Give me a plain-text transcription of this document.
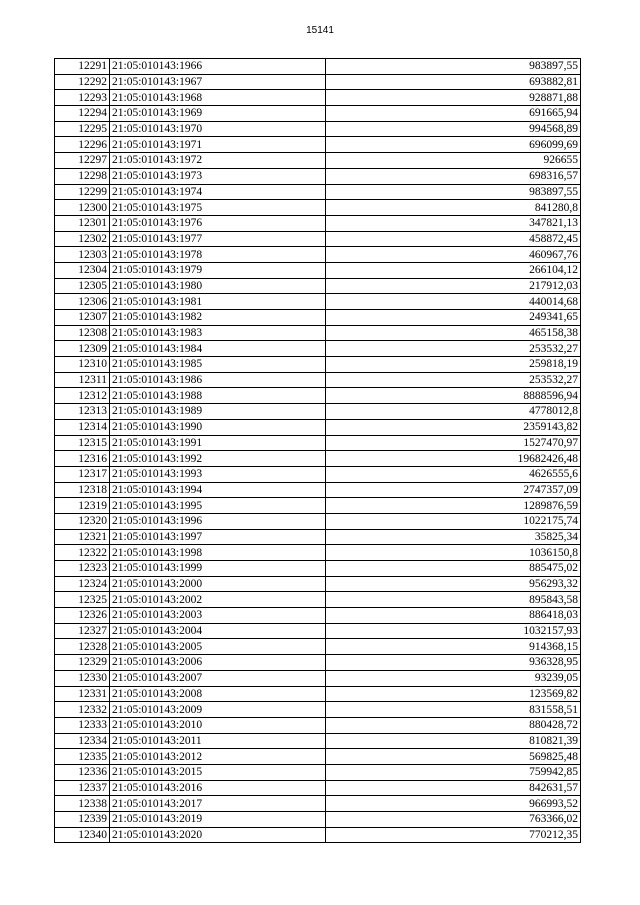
15141
12291	21:05:010143:1966	983897,55
12292	21:05:010143:1967	693882,81
12293	21:05:010143:1968	928871,88
12294	21:05:010143:1969	691665,94
12295	21:05:010143:1970	994568,89
12296	21:05:010143:1971	696099,69
12297	21:05:010143:1972	926655
12298	21:05:010143:1973	698316,57
12299	21:05:010143:1974	983897,55
12300	21:05:010143:1975	841280,8
12301	21:05:010143:1976	347821,13
12302	21:05:010143:1977	458872,45
12303	21:05:010143:1978	460967,76
12304	21:05:010143:1979	266104,12
12305	21:05:010143:1980	217912,03
12306	21:05:010143:1981	440014,68
12307	21:05:010143:1982	249341,65
12308	21:05:010143:1983	465158,38
12309	21:05:010143:1984	253532,27
12310	21:05:010143:1985	259818,19
12311	21:05:010143:1986	253532,27
12312	21:05:010143:1988	8888596,94
12313	21:05:010143:1989	4778012,8
12314	21:05:010143:1990	2359143,82
12315	21:05:010143:1991	1527470,97
12316	21:05:010143:1992	19682426,48
12317	21:05:010143:1993	4626555,6
12318	21:05:010143:1994	2747357,09
12319	21:05:010143:1995	1289876,59
12320	21:05:010143:1996	1022175,74
12321	21:05:010143:1997	35825,34
12322	21:05:010143:1998	1036150,8
12323	21:05:010143:1999	885475,02
12324	21:05:010143:2000	956293,32
12325	21:05:010143:2002	895843,58
12326	21:05:010143:2003	886418,03
12327	21:05:010143:2004	1032157,93
12328	21:05:010143:2005	914368,15
12329	21:05:010143:2006	936328,95
12330	21:05:010143:2007	93239,05
12331	21:05:010143:2008	123569,82
12332	21:05:010143:2009	831558,51
12333	21:05:010143:2010	880428,72
12334	21:05:010143:2011	810821,39
12335	21:05:010143:2012	569825,48
12336	21:05:010143:2015	759942,85
12337	21:05:010143:2016	842631,57
12338	21:05:010143:2017	966993,52
12339	21:05:010143:2019	763366,02
12340	21:05:010143:2020	770212,35
